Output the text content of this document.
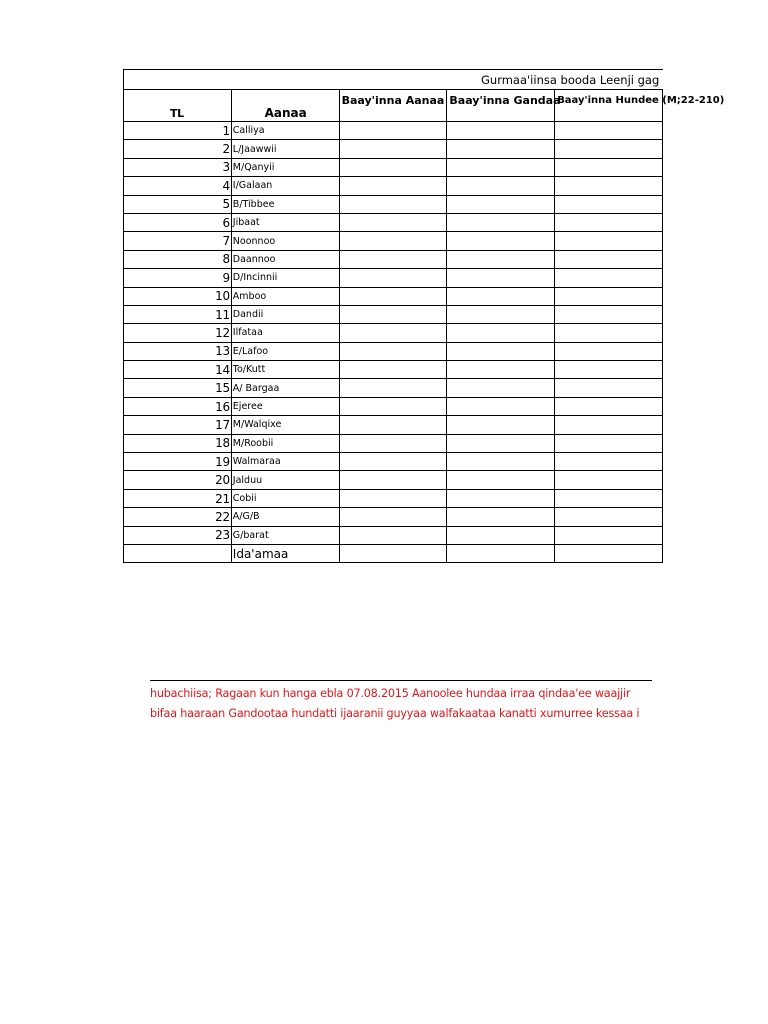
Gurmaa'iinsa booda Leenji gag				
TL	Aanaa	Baay'inna Aanaa	Baay'inna Gandaa	Baay'inna Hundee (M;22-210)
1	Calliya			
2	L/Jaawwii			
3	M/Qanyii			
4	I/Galaan			
5	B/Tibbee			
6	Jibaat			
7	Noonnoo			
8	Daannoo			
9	D/Incinnii			
10	Amboo			
11	Dandii			
12	Ilfataa			
13	E/Lafoo			
14	To/Kutt			
15	A/ Bargaa			
16	Ejeree			
17	M/Walqixe			
18	M/Roobii			
19	Walmaraa			
20	Jalduu			
21	Cobii			
22	A/G/B			
23	G/barat			
	Ida'amaa			
hubachiisa; Ragaan kun hanga ebla 07.08.2015 Aanoolee hundaa irraa qindaa'ee waajjir
bifaa haaraan Gandootaa hundatti ijaaranii guyyaa walfakaataa kanatti xumurree kessaa i
